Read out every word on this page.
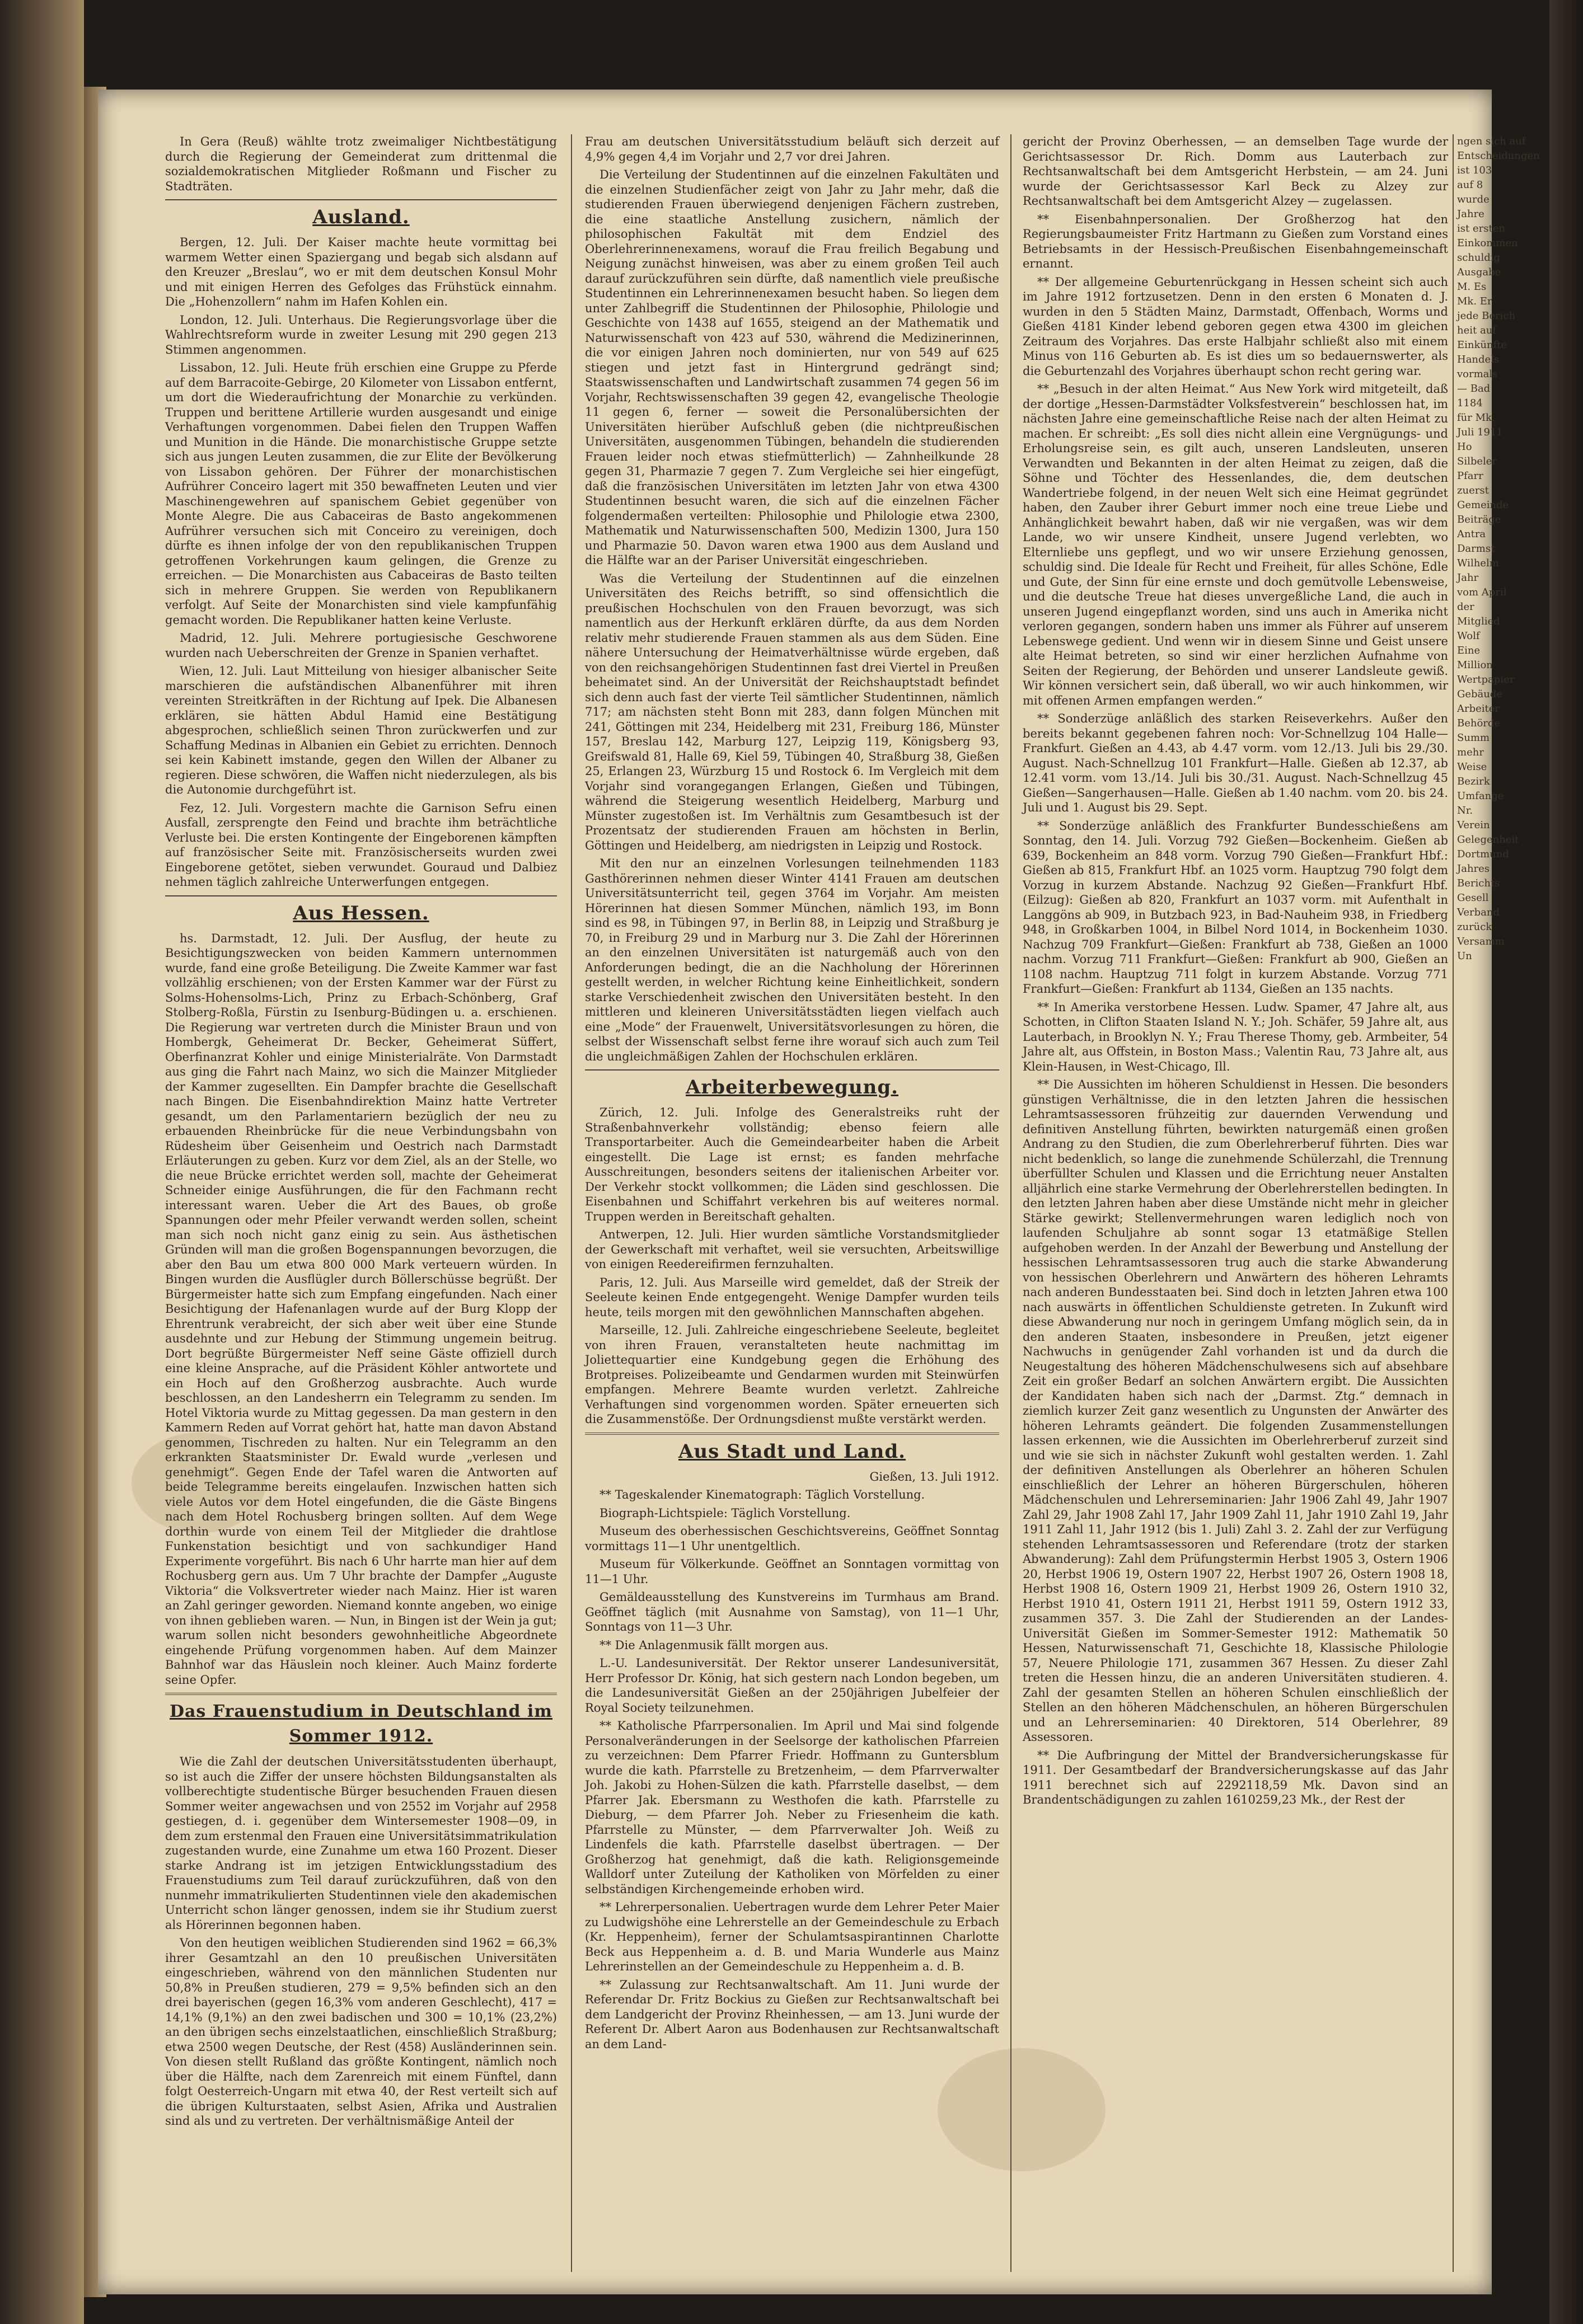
In Gera (Reuß) wählte trotz zweimaliger Nichtbestätigung durch die Regierung der Gemeinderat zum drittenmal die sozialdemokratischen Mitglieder Roßmann und Fischer zu Stadträten.

Ausland.

Bergen, 12. Juli. Der Kaiser machte heute vormittag bei warmem Wetter einen Spaziergang und begab sich alsdann auf den Kreuzer „Breslau“, wo er mit dem deutschen Konsul Mohr und mit einigen Herren des Gefolges das Frühstück einnahm. Die „Hohenzollern“ nahm im Hafen Kohlen ein.

London, 12. Juli. Unterhaus. Die Regierungsvorlage über die Wahlrechtsreform wurde in zweiter Lesung mit 290 gegen 213 Stimmen angenommen.

Lissabon, 12. Juli. Heute früh erschien eine Gruppe zu Pferde auf dem Barracoite-Gebirge, 20 Kilometer von Lissabon entfernt, um dort die Wiederaufrichtung der Monarchie zu verkünden. Truppen und berittene Artillerie wurden ausgesandt und einige Verhaftungen vorgenommen. Dabei fielen den Truppen Waffen und Munition in die Hände. Die monarchistische Gruppe setzte sich aus jungen Leuten zusammen, die zur Elite der Bevölkerung von Lissabon gehören. Der Führer der monarchistischen Aufrührer Conceiro lagert mit 350 bewaffneten Leuten und vier Maschinengewehren auf spanischem Gebiet gegenüber von Monte Alegre. Die aus Cabaceiras de Basto angekommenen Aufrührer versuchen sich mit Conceiro zu vereinigen, doch dürfte es ihnen infolge der von den republikanischen Truppen getroffenen Vorkehrungen kaum gelingen, die Grenze zu erreichen. — Die Monarchisten aus Cabaceiras de Basto teilten sich in mehrere Gruppen. Sie werden von Republikanern verfolgt. Auf Seite der Monarchisten sind viele kampfunfähig gemacht worden. Die Republikaner hatten keine Verluste.

Madrid, 12. Juli. Mehrere portugiesische Geschworene wurden nach Ueberschreiten der Grenze in Spanien verhaftet.

Wien, 12. Juli. Laut Mitteilung von hiesiger albanischer Seite marschieren die aufständischen Albanenführer mit ihren vereinten Streitkräften in der Richtung auf Ipek. Die Albanesen erklären, sie hätten Abdul Hamid eine Bestätigung abgesprochen, schließlich seinen Thron zurückwerfen und zur Schaffung Medinas in Albanien ein Gebiet zu errichten. Dennoch sei kein Kabinett imstande, gegen den Willen der Albaner zu regieren. Diese schwören, die Waffen nicht niederzulegen, als bis die Autonomie durchgeführt ist.

Fez, 12. Juli. Vorgestern machte die Garnison Sefru einen Ausfall, zersprengte den Feind und brachte ihm beträchtliche Verluste bei. Die ersten Kontingente der Eingeborenen kämpften auf französischer Seite mit. Französischerseits wurden zwei Eingeborene getötet, sieben verwundet. Gouraud und Dalbiez nehmen täglich zahlreiche Unterwerfungen entgegen.

Aus Hessen.

hs. Darmstadt, 12. Juli. Der Ausflug, der heute zu Besichtigungszwecken von beiden Kammern unternommen wurde, fand eine große Beteiligung. Die Zweite Kammer war fast vollzählig erschienen; von der Ersten Kammer war der Fürst zu Solms-Hohensolms-Lich, Prinz zu Erbach-Schönberg, Graf Stolberg-Roßla, Fürstin zu Isenburg-Büdingen u. a. erschienen. Die Regierung war vertreten durch die Minister Braun und von Hombergk, Geheimerat Dr. Becker, Geheimerat Süffert, Oberfinanzrat Kohler und einige Ministerialräte. Von Darmstadt aus ging die Fahrt nach Mainz, wo sich die Mainzer Mitglieder der Kammer zugesellten. Ein Dampfer brachte die Gesellschaft nach Bingen. Die Eisenbahndirektion Mainz hatte Vertreter gesandt, um den Parlamentariern bezüglich der neu zu erbauenden Rheinbrücke für die neue Verbindungsbahn von Rüdesheim über Geisenheim und Oestrich nach Darmstadt Erläuterungen zu geben. Kurz vor dem Ziel, als an der Stelle, wo die neue Brücke errichtet werden soll, machte der Geheimerat Schneider einige Ausführungen, die für den Fachmann recht interessant waren. Ueber die Art des Baues, ob große Spannungen oder mehr Pfeiler verwandt werden sollen, scheint man sich noch nicht ganz einig zu sein. Aus ästhetischen Gründen will man die großen Bogenspannungen bevorzugen, die aber den Bau um etwa 800 000 Mark verteuern würden. In Bingen wurden die Ausflügler durch Böllerschüsse begrüßt. Der Bürgermeister hatte sich zum Empfang eingefunden. Nach einer Besichtigung der Hafenanlagen wurde auf der Burg Klopp der Ehrentrunk verabreicht, der sich aber weit über eine Stunde ausdehnte und zur Hebung der Stimmung ungemein beitrug. Dort begrüßte Bürgermeister Neff seine Gäste offiziell durch eine kleine Ansprache, auf die Präsident Köhler antwortete und ein Hoch auf den Großherzog ausbrachte. Auch wurde beschlossen, an den Landesherrn ein Telegramm zu senden. Im Hotel Viktoria wurde zu Mittag gegessen. Da man gestern in den Kammern Reden auf Vorrat gehört hat, hatte man davon Abstand genommen, Tischreden zu halten. Nur ein Telegramm an den erkrankten Staatsminister Dr. Ewald wurde „verlesen und genehmigt“. Gegen Ende der Tafel waren die Antworten auf beide Telegramme bereits eingelaufen. Inzwischen hatten sich viele Autos vor dem Hotel eingefunden, die die Gäste Bingens nach dem Hotel Rochusberg bringen sollten. Auf dem Wege dorthin wurde von einem Teil der Mitglieder die drahtlose Funkenstation besichtigt und von sachkundiger Hand Experimente vorgeführt. Bis nach 6 Uhr harrte man hier auf dem Rochusberg gern aus. Um 7 Uhr brachte der Dampfer „Auguste Viktoria“ die Volksvertreter wieder nach Mainz. Hier ist waren an Zahl geringer geworden. Niemand konnte angeben, wo einige von ihnen geblieben waren. — Nun, in Bingen ist der Wein ja gut; warum sollen nicht besonders gewohnheitliche Abgeordnete eingehende Prüfung vorgenommen haben. Auf dem Mainzer Bahnhof war das Häuslein noch kleiner. Auch Mainz forderte seine Opfer.

Das Frauenstudium in Deutschland im Sommer 1912.

Wie die Zahl der deutschen Universitätsstudenten überhaupt, so ist auch die Ziffer der unsere höchsten Bildungsanstalten als vollberechtigte studentische Bürger besuchenden Frauen diesen Sommer weiter angewachsen und von 2552 im Vorjahr auf 2958 gestiegen, d. i. gegenüber dem Wintersemester 1908—09, in dem zum erstenmal den Frauen eine Universitätsimmatrikulation zugestanden wurde, eine Zunahme um etwa 160 Prozent. Dieser starke Andrang ist im jetzigen Entwicklungsstadium des Frauenstudiums zum Teil darauf zurückzuführen, daß von den nunmehr immatrikulierten Studentinnen viele den akademischen Unterricht schon länger genossen, indem sie ihr Studium zuerst als Hörerinnen begonnen haben.

Von den heutigen weiblichen Studierenden sind 1962 = 66,3% ihrer Gesamtzahl an den 10 preußischen Universitäten eingeschrieben, während von den männlichen Studenten nur 50,8% in Preußen studieren, 279 = 9,5% befinden sich an den drei bayerischen (gegen 16,3% vom anderen Geschlecht), 417 = 14,1% (9,1%) an den zwei badischen und 300 = 10,1% (23,2%) an den übrigen sechs einzelstaatlichen, einschließlich Straßburg; etwa 2500 wegen Deutsche, der Rest (458) Ausländerinnen sein. Von diesen stellt Rußland das größte Kontingent, nämlich noch über die Hälfte, nach dem Zarenreich mit einem Fünftel, dann folgt Oesterreich-Ungarn mit etwa 40, der Rest verteilt sich auf die übrigen Kulturstaaten, selbst Asien, Afrika und Australien sind als und zu vertreten. Der verhältnismäßige Anteil der

Frau am deutschen Universitätsstudium beläuft sich derzeit auf 4,9% gegen 4,4 im Vorjahr und 2,7 vor drei Jahren.

Die Verteilung der Studentinnen auf die einzelnen Fakultäten und die einzelnen Studienfächer zeigt von Jahr zu Jahr mehr, daß die studierenden Frauen überwiegend denjenigen Fächern zustreben, die eine staatliche Anstellung zusichern, nämlich der philosophischen Fakultät mit dem Endziel des Oberlehrerinnenexamens, worauf die Frau freilich Begabung und Neigung zunächst hinweisen, was aber zu einem großen Teil auch darauf zurückzuführen sein dürfte, daß namentlich viele preußische Studentinnen ein Lehrerinnenexamen besucht haben. So liegen dem unter Zahlbegriff die Studentinnen der Philosophie, Philologie und Geschichte von 1438 auf 1655, steigend an der Mathematik und Naturwissenschaft von 423 auf 530, während die Medizinerinnen, die vor einigen Jahren noch dominierten, nur von 549 auf 625 stiegen und jetzt fast in Hintergrund gedrängt sind; Staatswissenschaften und Landwirtschaft zusammen 74 gegen 56 im Vorjahr, Rechtswissenschaften 39 gegen 42, evangelische Theologie 11 gegen 6, ferner — soweit die Personalübersichten der Universitäten hierüber Aufschluß geben (die nichtpreußischen Universitäten, ausgenommen Tübingen, behandeln die studierenden Frauen leider noch etwas stiefmütterlich) — Zahnheilkunde 28 gegen 31, Pharmazie 7 gegen 7. Zum Vergleiche sei hier eingefügt, daß die französischen Universitäten im letzten Jahr von etwa 4300 Studentinnen besucht waren, die sich auf die einzelnen Fächer folgendermaßen verteilten: Philosophie und Philologie etwa 2300, Mathematik und Naturwissenschaften 500, Medizin 1300, Jura 150 und Pharmazie 50. Davon waren etwa 1900 aus dem Ausland und die Hälfte war an der Pariser Universität eingeschrieben.

Was die Verteilung der Studentinnen auf die einzelnen Universitäten des Reichs betrifft, so sind offensichtlich die preußischen Hochschulen von den Frauen bevorzugt, was sich namentlich aus der Herkunft erklären dürfte, da aus dem Norden relativ mehr studierende Frauen stammen als aus dem Süden. Eine nähere Untersuchung der Heimatverhältnisse würde ergeben, daß von den reichsangehörigen Studentinnen fast drei Viertel in Preußen beheimatet sind. An der Universität der Reichshauptstadt befindet sich denn auch fast der vierte Teil sämtlicher Studentinnen, nämlich 717; am nächsten steht Bonn mit 283, dann folgen München mit 241, Göttingen mit 234, Heidelberg mit 231, Freiburg 186, Münster 157, Breslau 142, Marburg 127, Leipzig 119, Königsberg 93, Greifswald 81, Halle 69, Kiel 59, Tübingen 40, Straßburg 38, Gießen 25, Erlangen 23, Würzburg 15 und Rostock 6. Im Vergleich mit dem Vorjahr sind vorangegangen Erlangen, Gießen und Tübingen, während die Steigerung wesentlich Heidelberg, Marburg und Münster zugestoßen ist. Im Verhältnis zum Gesamtbesuch ist der Prozentsatz der studierenden Frauen am höchsten in Berlin, Göttingen und Heidelberg, am niedrigsten in Leipzig und Rostock.

Mit den nur an einzelnen Vorlesungen teilnehmenden 1183 Gasthörerinnen nehmen dieser Winter 4141 Frauen am deutschen Universitätsunterricht teil, gegen 3764 im Vorjahr. Am meisten Hörerinnen hat diesen Sommer München, nämlich 193, im Bonn sind es 98, in Tübingen 97, in Berlin 88, in Leipzig und Straßburg je 70, in Freiburg 29 und in Marburg nur 3. Die Zahl der Hörerinnen an den einzelnen Universitäten ist naturgemäß auch von den Anforderungen bedingt, die an die Nachholung der Hörerinnen gestellt werden, in welcher Richtung keine Einheitlichkeit, sondern starke Verschiedenheit zwischen den Universitäten besteht. In den mittleren und kleineren Universitätsstädten liegen vielfach auch eine „Mode“ der Frauenwelt, Universitätsvorlesungen zu hören, die selbst der Wissenschaft selbst ferne ihre worauf sich auch zum Teil die ungleichmäßigen Zahlen der Hochschulen erklären.

Arbeiterbewegung.

Zürich, 12. Juli. Infolge des Generalstreiks ruht der Straßenbahnverkehr vollständig; ebenso feiern alle Transportarbeiter. Auch die Gemeindearbeiter haben die Arbeit eingestellt. Die Lage ist ernst; es fanden mehrfache Ausschreitungen, besonders seitens der italienischen Arbeiter vor. Der Verkehr stockt vollkommen; die Läden sind geschlossen. Die Eisenbahnen und Schiffahrt verkehren bis auf weiteres normal. Truppen werden in Bereitschaft gehalten.

Antwerpen, 12. Juli. Hier wurden sämtliche Vorstandsmitglieder der Gewerkschaft mit verhaftet, weil sie versuchten, Arbeitswillige von einigen Reedereifirmen fernzuhalten.

Paris, 12. Juli. Aus Marseille wird gemeldet, daß der Streik der Seeleute keinen Ende entgegengeht. Wenige Dampfer wurden teils heute, teils morgen mit den gewöhnlichen Mannschaften abgehen.

Marseille, 12. Juli. Zahlreiche eingeschriebene Seeleute, begleitet von ihren Frauen, veranstalteten heute nachmittag im Joliettequartier eine Kundgebung gegen die Erhöhung des Brotpreises. Polizeibeamte und Gendarmen wurden mit Steinwürfen empfangen. Mehrere Beamte wurden verletzt. Zahlreiche Verhaftungen sind vorgenommen worden. Später erneuerten sich die Zusammenstöße. Der Ordnungsdienst mußte verstärkt werden.

Aus Stadt und Land.

Gießen, 13. Juli 1912.

** Tageskalender Kinematograph: Täglich Vorstellung.

Biograph-Lichtspiele: Täglich Vorstellung.

Museum des oberhessischen Geschichtsvereins, Geöffnet Sonntag vormittags 11—1 Uhr unentgeltlich.

Museum für Völkerkunde. Geöffnet an Sonntagen vormittag von 11—1 Uhr.

Gemäldeausstellung des Kunstvereins im Turmhaus am Brand. Geöffnet täglich (mit Ausnahme von Samstag), von 11—1 Uhr, Sonntags von 11—3 Uhr.

** Die Anlagenmusik fällt morgen aus.

L.-U. Landesuniversität. Der Rektor unserer Landesuniversität, Herr Professor Dr. König, hat sich gestern nach London begeben, um die Landesuniversität Gießen an der 250jährigen Jubelfeier der Royal Society teilzunehmen.

** Katholische Pfarrpersonalien. Im April und Mai sind folgende Personalveränderungen in der Seelsorge der katholischen Pfarreien zu verzeichnen: Dem Pfarrer Friedr. Hoffmann zu Guntersblum wurde die kath. Pfarrstelle zu Bretzenheim, — dem Pfarrverwalter Joh. Jakobi zu Hohen-Sülzen die kath. Pfarrstelle daselbst, — dem Pfarrer Jak. Ebersmann zu Westhofen die kath. Pfarrstelle zu Dieburg, — dem Pfarrer Joh. Neber zu Friesenheim die kath. Pfarrstelle zu Münster, — dem Pfarrverwalter Joh. Weiß zu Lindenfels die kath. Pfarrstelle daselbst übertragen. — Der Großherzog hat genehmigt, daß die kath. Religionsgemeinde Walldorf unter Zuteilung der Katholiken von Mörfelden zu einer selbständigen Kirchengemeinde erhoben wird.

** Lehrerpersonalien. Uebertragen wurde dem Lehrer Peter Maier zu Ludwigshöhe eine Lehrerstelle an der Gemeindeschule zu Erbach (Kr. Heppenheim), ferner der Schulamtsaspirantinnen Charlotte Beck aus Heppenheim a. d. B. und Maria Wunderle aus Mainz Lehrerinstellen an der Gemeindeschule zu Heppenheim a. d. B.

** Zulassung zur Rechtsanwaltschaft. Am 11. Juni wurde der Referendar Dr. Fritz Bockius zu Gießen zur Rechtsanwaltschaft bei dem Landgericht der Provinz Rheinhessen, — am 13. Juni wurde der Referent Dr. Albert Aaron aus Bodenhausen zur Rechtsanwaltschaft an dem Land-

gericht der Provinz Oberhessen, — an demselben Tage wurde der Gerichtsassessor Dr. Rich. Domm aus Lauterbach zur Rechtsanwaltschaft bei dem Amtsgericht Herbstein, — am 24. Juni wurde der Gerichtsassessor Karl Beck zu Alzey zur Rechtsanwaltschaft bei dem Amtsgericht Alzey — zugelassen.

** Eisenbahnpersonalien. Der Großherzog hat den Regierungsbaumeister Fritz Hartmann zu Gießen zum Vorstand eines Betriebsamts in der Hessisch-Preußischen Eisenbahngemeinschaft ernannt.

** Der allgemeine Geburtenrückgang in Hessen scheint sich auch im Jahre 1912 fortzusetzen. Denn in den ersten 6 Monaten d. J. wurden in den 5 Städten Mainz, Darmstadt, Offenbach, Worms und Gießen 4181 Kinder lebend geboren gegen etwa 4300 im gleichen Zeitraum des Vorjahres. Das erste Halbjahr schließt also mit einem Minus von 116 Geburten ab. Es ist dies um so bedauernswerter, als die Geburtenzahl des Vorjahres überhaupt schon recht gering war.

** „Besuch in der alten Heimat.“ Aus New York wird mitgeteilt, daß der dortige „Hessen-Darmstädter Volksfestverein“ beschlossen hat, im nächsten Jahre eine gemeinschaftliche Reise nach der alten Heimat zu machen. Er schreibt: „Es soll dies nicht allein eine Vergnügungs- und Erholungsreise sein, es gilt auch, unseren Landsleuten, unseren Verwandten und Bekannten in der alten Heimat zu zeigen, daß die Söhne und Töchter des Hessenlandes, die, dem deutschen Wandertriebe folgend, in der neuen Welt sich eine Heimat gegründet haben, den Zauber ihrer Geburt immer noch eine treue Liebe und Anhänglichkeit bewahrt haben, daß wir nie vergaßen, was wir dem Lande, wo wir unsere Kindheit, unsere Jugend verlebten, wo Elternliebe uns gepflegt, und wo wir unsere Erziehung genossen, schuldig sind. Die Ideale für Recht und Freiheit, für alles Schöne, Edle und Gute, der Sinn für eine ernste und doch gemütvolle Lebensweise, und die deutsche Treue hat dieses unvergeßliche Land, die auch in unseren Jugend eingepflanzt worden, sind uns auch in Amerika nicht verloren gegangen, sondern haben uns immer als Führer auf unserem Lebenswege gedient. Und wenn wir in diesem Sinne und Geist unsere alte Heimat betreten, so sind wir einer herzlichen Aufnahme von Seiten der Regierung, der Behörden und unserer Landsleute gewiß. Wir können versichert sein, daß überall, wo wir auch hinkommen, wir mit offenen Armen empfangen werden.“

** Sonderzüge anläßlich des starken Reiseverkehrs. Außer den bereits bekannt gegebenen fahren noch: Vor-Schnellzug 104 Halle—Frankfurt. Gießen an 4.43, ab 4.47 vorm. vom 12./13. Juli bis 29./30. August. Nach-Schnellzug 101 Frankfurt—Halle. Gießen ab 12.37, ab 12.41 vorm. vom 13./14. Juli bis 30./31. August. Nach-Schnellzug 45 Gießen—Sangerhausen—Halle. Gießen ab 1.40 nachm. vom 20. bis 24. Juli und 1. August bis 29. Sept.

** Sonderzüge anläßlich des Frankfurter Bundesschießens am Sonntag, den 14. Juli. Vorzug 792 Gießen—Bockenheim. Gießen ab 639, Bockenheim an 848 vorm. Vorzug 790 Gießen—Frankfurt Hbf.: Gießen ab 815, Frankfurt Hbf. an 1025 vorm. Hauptzug 790 folgt dem Vorzug in kurzem Abstande. Nachzug 92 Gießen—Frankfurt Hbf. (Eilzug): Gießen ab 820, Frankfurt an 1037 vorm. mit Aufenthalt in Langgöns ab 909, in Butzbach 923, in Bad-Nauheim 938, in Friedberg 948, in Großkarben 1004, in Bilbel Nord 1014, in Bockenheim 1030. Nachzug 709 Frankfurt—Gießen: Frankfurt ab 738, Gießen an 1000 nachm. Vorzug 711 Frankfurt—Gießen: Frankfurt ab 900, Gießen an 1108 nachm. Hauptzug 711 folgt in kurzem Abstande. Vorzug 771 Frankfurt—Gießen: Frankfurt ab 1134, Gießen an 135 nachts.

** In Amerika verstorbene Hessen. Ludw. Spamer, 47 Jahre alt, aus Schotten, in Clifton Staaten Island N. Y.; Joh. Schäfer, 59 Jahre alt, aus Lauterbach, in Brooklyn N. Y.; Frau Therese Thomy, geb. Armbeiter, 54 Jahre alt, aus Offstein, in Boston Mass.; Valentin Rau, 73 Jahre alt, aus Klein-Hausen, in West-Chicago, Ill.

** Die Aussichten im höheren Schuldienst in Hessen. Die besonders günstigen Verhältnisse, die in den letzten Jahren die hessischen Lehramtsassessoren frühzeitig zur dauernden Verwendung und definitiven Anstellung führten, bewirkten naturgemäß einen großen Andrang zu den Studien, die zum Oberlehrerberuf führten. Dies war nicht bedenklich, so lange die zunehmende Schülerzahl, die Trennung überfüllter Schulen und Klassen und die Errichtung neuer Anstalten alljährlich eine starke Vermehrung der Oberlehrerstellen bedingten. In den letzten Jahren haben aber diese Umstände nicht mehr in gleicher Stärke gewirkt; Stellenvermehrungen waren lediglich noch von laufenden Schuljahre ab sonnt sogar 13 etatmäßige Stellen aufgehoben werden. In der Anzahl der Bewerbung und Anstellung der hessischen Lehramtsassessoren trug auch die starke Abwanderung von hessischen Oberlehrern und Anwärtern des höheren Lehramts nach anderen Bundesstaaten bei. Sind doch in letzten Jahren etwa 100 nach auswärts in öffentlichen Schuldienste getreten. In Zukunft wird diese Abwanderung nur noch in geringem Umfang möglich sein, da in den anderen Staaten, insbesondere in Preußen, jetzt eigener Nachwuchs in genügender Zahl vorhanden ist und da durch die Neugestaltung des höheren Mädchenschulwesens sich auf absehbare Zeit ein großer Bedarf an solchen Anwärtern ergibt. Die Aussichten der Kandidaten haben sich nach der „Darmst. Ztg.“ demnach in ziemlich kurzer Zeit ganz wesentlich zu Ungunsten der Anwärter des höheren Lehramts geändert. Die folgenden Zusammenstellungen lassen erkennen, wie die Aussichten im Oberlehrerberuf zurzeit sind und wie sie sich in nächster Zukunft wohl gestalten werden. 1. Zahl der definitiven Anstellungen als Oberlehrer an höheren Schulen einschließlich der Lehrer an höheren Bürgerschulen, höheren Mädchenschulen und Lehrerseminarien: Jahr 1906 Zahl 49, Jahr 1907 Zahl 29, Jahr 1908 Zahl 17, Jahr 1909 Zahl 11, Jahr 1910 Zahl 19, Jahr 1911 Zahl 11, Jahr 1912 (bis 1. Juli) Zahl 3. 2. Zahl der zur Verfügung stehenden Lehramtsassessoren und Referendare (trotz der starken Abwanderung): Zahl dem Prüfungstermin Herbst 1905 3, Ostern 1906 20, Herbst 1906 19, Ostern 1907 22, Herbst 1907 26, Ostern 1908 18, Herbst 1908 16, Ostern 1909 21, Herbst 1909 26, Ostern 1910 32, Herbst 1910 41, Ostern 1911 21, Herbst 1911 59, Ostern 1912 33, zusammen 357. 3. Die Zahl der Studierenden an der Landes-Universität Gießen im Sommer-Semester 1912: Mathematik 50 Hessen, Naturwissenschaft 71, Geschichte 18, Klassische Philologie 57, Neuere Philologie 171, zusammen 367 Hessen. Zu dieser Zahl treten die Hessen hinzu, die an anderen Universitäten studieren. 4. Zahl der gesamten Stellen an höheren Schulen einschließlich der Stellen an den höheren Mädchenschulen, an höheren Bürgerschulen und an Lehrerseminarien: 40 Direktoren, 514 Oberlehrer, 89 Assessoren.

** Die Aufbringung der Mittel der Brandversicherungskasse für 1911. Der Gesamtbedarf der Brandversicherungskasse auf das Jahr 1911 berechnet sich auf 2292118,59 Mk. Davon sind an Brandentschädigungen zu zahlen 1610259,23 Mk., der Rest der

ngen sich auf
Entscheidungen
ist 103
auf 8
wurde
Jahre
ist ersten
Einkommen
schuldig
Ausgabe
M. Es
Mk. Er
jede Berich
heit auf
Einkünfte
Handels
vormals
— Bad
1184
für Mk.
Juli 1911
Ho
Silbeler
Pfarr
zuerst
Gemeinde
Beiträge
Antra
Darmst
Wilhelm
Jahr
vom April
der
Mitglied
Wolf
Eine
Million
Wertpapier
Gebäude
Arbeiter
Behörde
Summ
mehr
Weise
Bezirk
Umfange
Nr.
Verein
Gelegenheit
Dortmund
Jahres
Berichts
Gesell
Verband
zurück
Versamm
Un
